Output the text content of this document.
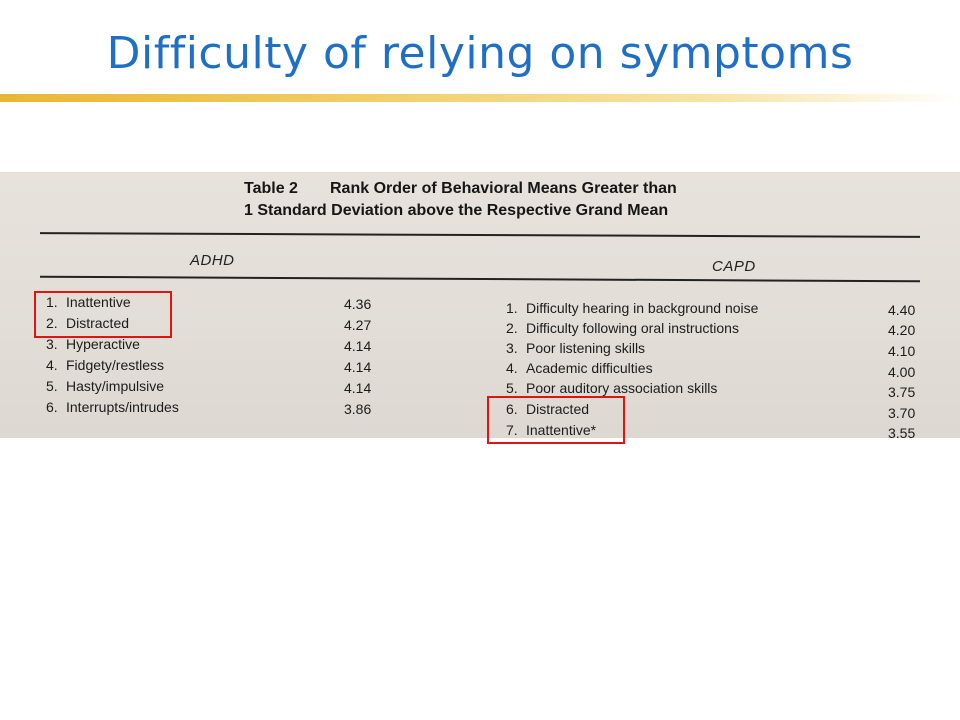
Difficulty of relying on symptoms
Table 2 Rank Order of Behavioral Means Greater than
1 Standard Deviation above the Respective Grand Mean
ADHD	CAPD
1. Inattentive	4.36
2. Distracted	4.27
3. Hyperactive	4.14
4. Fidgety/restless	4.14
5. Hasty/impulsive	4.14
6. Interrupts/intrudes	3.86
1. Difficulty hearing in background noise	4.40
2. Difficulty following oral instructions	4.20
3. Poor listening skills	4.10
4. Academic difficulties	4.00
5. Poor auditory association skills	3.75
6. Distracted	3.70
7. Inattentive*	3.55
